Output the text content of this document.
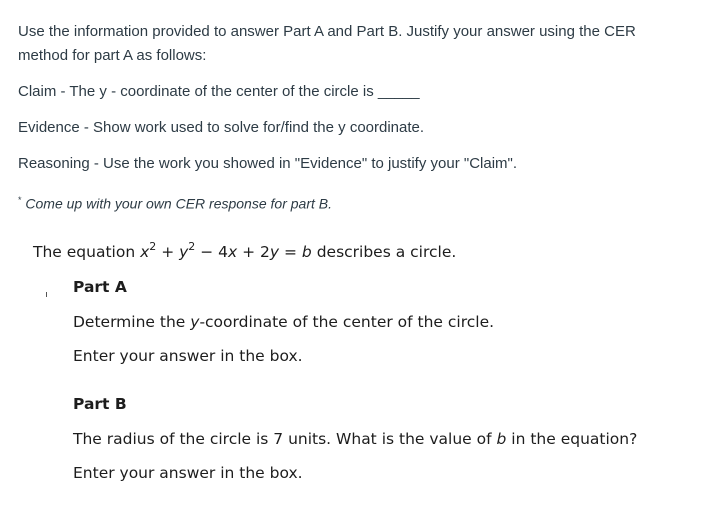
Use the information provided to answer Part A and Part B. Justify your answer using the CER

method for part A as follows:

Claim - The y - coordinate of the center of the circle is _____

Evidence - Show work used to solve for/find the y coordinate.

Reasoning - Use the work you showed in "Evidence" to justify your "Claim".

* Come up with your own CER response for part B.

The equation $x^2 + y^2 - 4x + 2y = b$ describes a circle.

Part A
Determine the y-coordinate of the center of the circle.
Enter your answer in the box.
Part B
The radius of the circle is 7 units. What is the value of b in the equation?
Enter your answer in the box.
